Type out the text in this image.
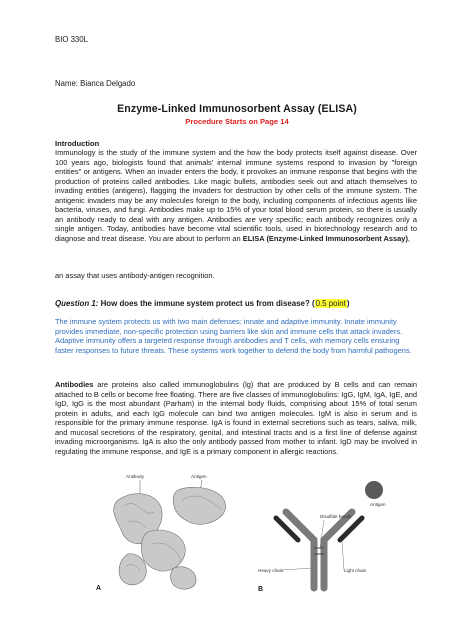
BIO 330L
Name: Bianca Delgado
Enzyme-Linked Immunosorbent Assay (ELISA)
Procedure Starts on Page 14
Introduction

Immunology is the study of the immune system and the how the body protects itself against disease. Over 100 years ago, biologists found that animals' internal immune systems respond to invasion by "foreign entities" or antigens. When an invader enters the body, it provokes an immune response that begins with the production of proteins called antibodies. Like magic bullets, antibodies seek out and attach themselves to invading entities (antigens), flagging the invaders for destruction by other cells of the immune system. The antigenic invaders may be any molecules foreign to the body, including components of infectious agents like bacteria, viruses, and fungi. Antibodies make up to 15% of your total blood serum protein, so there is usually an antibody ready to deal with any antigen. Antibodies are very specific; each antibody recognizes only a single antigen. Today, antibodies have become vital scientific tools, used in biotechnology research and to diagnose and treat disease. You are about to perform an ELISA (Enzyme-Linked Immunosorbent Assay),

an assay that uses antibody-antigen recognition.

Question 1: How does the immune system protect us from disease? (0.5 point)

The immune system protects us with two main defenses: innate and adaptive immunity. Innate immunity provides immediate, non-specific protection using barriers like skin and immune cells that attack invaders. Adaptive immunity offers a targeted response through antibodies and T cells, with memory cells ensuring faster responses to future threats. These systems work together to defend the body from harmful pathogens.

Antibodies are proteins also called immunoglobulins (lg) that are produced by B cells and can remain attached to B cells or become free floating. There are five classes of immunoglobulins: IgG, IgM, IgA, IgE, and IgD, IgG is the most abundant (Parham) in the internal body fluids, comprising about 15% of total serum protein in adults, and each IgG molecule can bind two antigen molecules. IgM is also in serum and is responsible for the primary immune response. IgA is found in external secretions such as tears, saliva, milk, and mucosal secretions of the respiratory, genital, and intestinal tracts and is a first line of defense against invading microorganisms. IgA is also the only antibody passed from mother to infant. IgD may be involved in regulating the immune response, and IgE is a primary component in allergic reactions.

Antibody	Antigen
Antigen
Disulfide bonds
Heavy chain	Light chain
A	B
